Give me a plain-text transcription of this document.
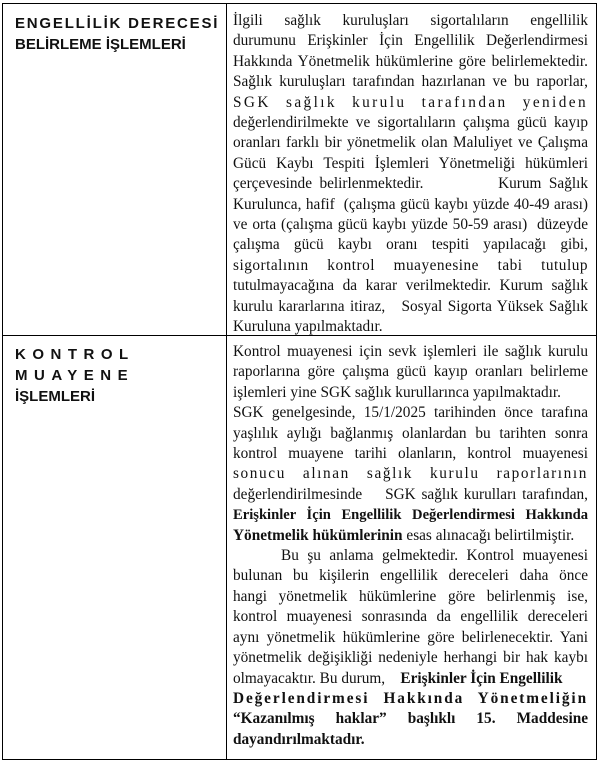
ENGELLİLİK DERECESİ
BELİRLEME İŞLEMLERİ

İlgili sağlık kuruluşları sigortalıların engellilik
durumunu Erişkinler İçin Engellilik Değerlendirmesi
Hakkında Yönetmelik hükümlerine göre belirlemektedir.
Sağlık kuruluşları tarafından hazırlanan ve bu raporlar,
SGK sağlık kurulu tarafından yeniden
değerlendirilmekte ve sigortalıların çalışma gücü kayıp
oranları farklı bir yönetmelik olan Maluliyet ve Çalışma
Gücü Kaybı Tespiti İşlemleri Yönetmeliği hükümleri
çerçevesinde belirlenmektedir.          Kurum Sağlık
Kurulunca, hafif  (çalışma gücü kaybı yüzde 40-49 arası)
ve orta (çalışma gücü kaybı yüzde 50-59 arası)  düzeyde
çalışma gücü kaybı oranı tespiti yapılacağı gibi,
sigortalının kontrol muayenesine tabi tutulup
tutulmayacağına da karar verilmektedir. Kurum sağlık
kurulu kararlarına itiraz,   Sosyal Sigorta Yüksek Sağlık
Kuruluna yapılmaktadır.

KONTROL MUAYENE
İŞLEMLERİ

Kontrol muayenesi için sevk işlemleri ile sağlık kurulu
raporlarına göre çalışma gücü kayıp oranları belirleme
işlemleri yine SGK sağlık kurullarınca yapılmaktadır.
SGK genelgesinde, 15/1/2025 tarihinden önce tarafına
yaşlılık aylığı bağlanmış olanlardan bu tarihten sonra
kontrol muayene tarihi olanların, kontrol muayenesi
sonucu alınan sağlık kurulu raporlarının
değerlendirilmesinde    SGK sağlık kurulları tarafından,
Erişkinler İçin Engellilik Değerlendirmesi Hakkında
Yönetmelik hükümlerinin esas alınacağı belirtilmiştir.
Bu şu anlama gelmektedir. Kontrol muayenesi
bulunan bu kişilerin engellilik dereceleri daha önce
hangi yönetmelik hükümlerine göre belirlenmiş ise,
kontrol muayenesi sonrasında da engellilik dereceleri
aynı yönetmelik hükümlerine göre belirlenecektir. Yani
yönetmelik değişikliği nedeniyle herhangi bir hak kaybı
olmayacaktır. Bu durum, Erişkinler İçin Engellilik
Değerlendirmesi Hakkında Yönetmeliğin
“Kazanılmış haklar” başlıklı 15. Maddesine
dayandırılmaktadır.
